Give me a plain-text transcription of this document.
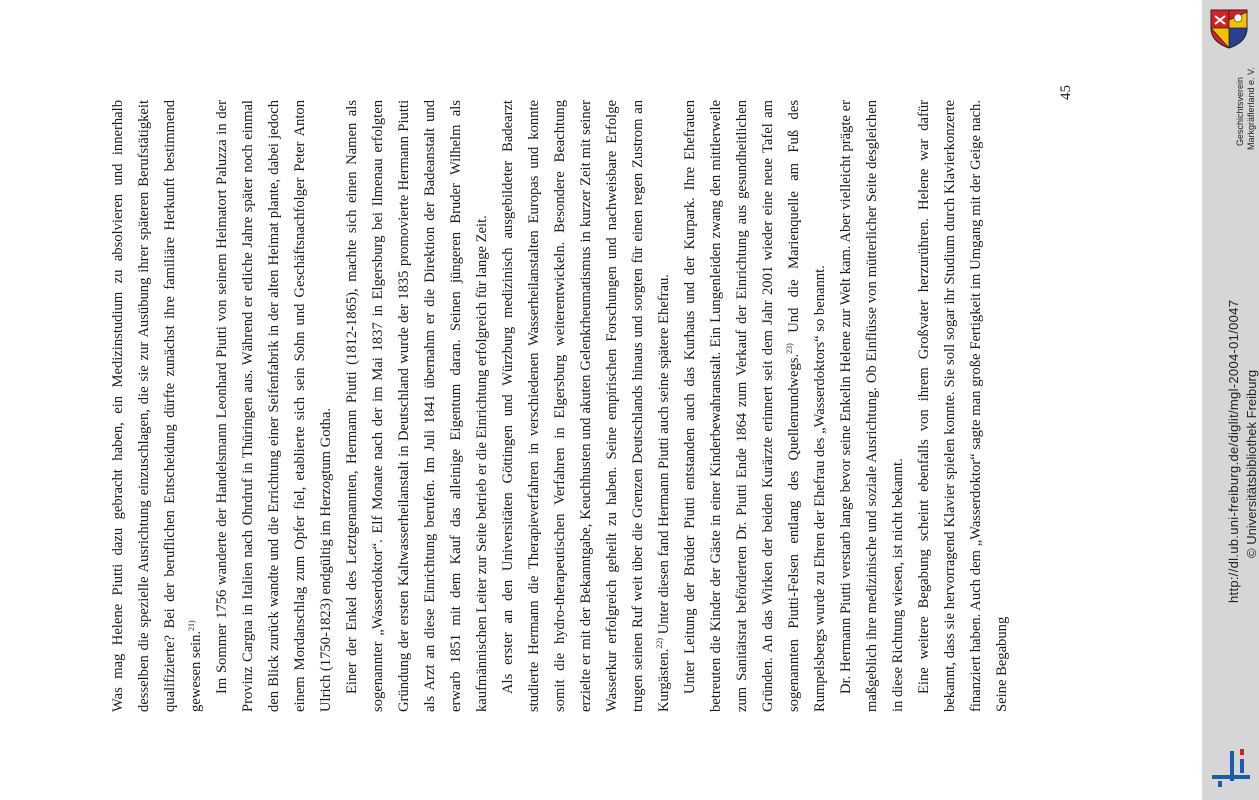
Was mag Helene Piutti dazu gebracht haben, ein Medizinstudium zu absolvieren und innerhalb desselben die spezielle Ausrichtung einzuschlagen, die sie zur Ausübung ihrer späteren Berufstätigkeit qualifizierte? Bei der beruflichen Entscheidung dürfte zunächst ihre familiäre Herkunft bestimmend gewesen sein.$^{21)}$	Im Sommer 1756 wanderte der Handelsmann Leonhard Piutti von seinem Heimatort Paluzza in der Provinz Cargna in Italien nach Ohrdruf in Thüringen aus. Während er etliche Jahre später noch einmal den Blick zurück wandte und die Errichtung einer Seifenfabrik in der alten Heimat plante, dabei jedoch einem Mordanschlag zum Opfer fiel, etablierte sich sein Sohn und Geschäftsnachfolger Peter Anton Ulrich (1750-1823) endgültig im Herzogtum Gotha. Einer der Enkel des Letztgenannten, Hermann Piutti (1812-1865), machte sich einen Namen als sogenannter „Wasserdoktor“. Elf Monate nach der im Mai 1837 in Elgersburg bei Ilmenau erfolgten Gründung der ersten Kaltwasserheilanstalt in Deutschland wurde der 1835 promovierte Hermann Piutti als Arzt an diese Einrichtung berufen. Im Juli 1841 übernahm er die Direktion der Badeanstalt und erwarb 1851 mit dem Kauf das alleinige Eigentum daran. Seinen jüngeren Bruder Wilhelm als kaufmännischen Leiter zur Seite betrieb er die Einrichtung erfolgreich für lange Zeit. Als erster an den Universitäten Göttingen und Würzburg medizinisch ausgebildeter Badearzt studierte Hermann die Therapieverfahren in verschiedenen Wasserheilanstalten Europas und konnte somit die hydro-therapeutischen Verfahren in Elgersburg weiterentwickeln. Besondere Beachtung erzielte er mit der Bekanntgabe, Keuchhusten und akuten Gelenkrheumatismus in kurzer Zeit mit seiner Wasserkur erfolgreich geheilt zu haben. Seine empirischen Forschungen und nachweisbare Erfolge trugen seinen Ruf weit über die Grenzen Deutschlands hinaus und sorgten für einen regen Zustrom an Kurgästen.$^{22)}$ Unter diesen fand Hermann Piutti auch seine spätere Ehefrau. Unter Leitung der Brüder Piutti entstanden auch das Kurhaus und der Kurpark. Ihre Ehefrauen betreuten die Kinder der Gäste in einer Kinderbewahranstalt. Ein Lungenleiden zwang den mittlerweile zum Sanitätsrat beförderten Dr. Piutti Ende 1864 zum Verkauf der Einrichtung aus gesundheitlichen Gründen. An das Wirken der beiden Kurärzte erinnert seit dem Jahr 2001 wieder eine neue Tafel am sogenannten Piutti-Felsen entlang des Quellenrundwegs.$^{23)}$ Und die Marienquelle am Fuß des Rumpelsbergs wurde zu Ehren der Ehefrau des „Wasserdoktors“ so benannt. Dr. Hermann Piutti verstarb lange bevor seine Enkelin Helene zur Welt kam. Aber vielleicht prägte er maßgeblich ihre medizinische und soziale Ausrichtung. Ob Einflüsse von mütterlicher Seite desgleichen in diese Richtung wiesen, ist nicht bekannt. Eine weitere Begabung scheint ebenfalls von ihrem Großvater herzurühren. Helene war dafür bekannt, dass sie hervorragend Klavier spielen konnte. Sie soll sogar ihr Studium durch Klavierkonzerte finanziert haben. Auch dem „Wasserdoktor“ sagte man große Fertigkeit im Umgang mit der Geige nach. Seine Begabung

45	Geschichtsverein Markgräflerland e. V.
http://dl.ub.uni-freiburg.de/diglit/mgl-2004-01/0047 © Universitätsbibliothek Freiburg
